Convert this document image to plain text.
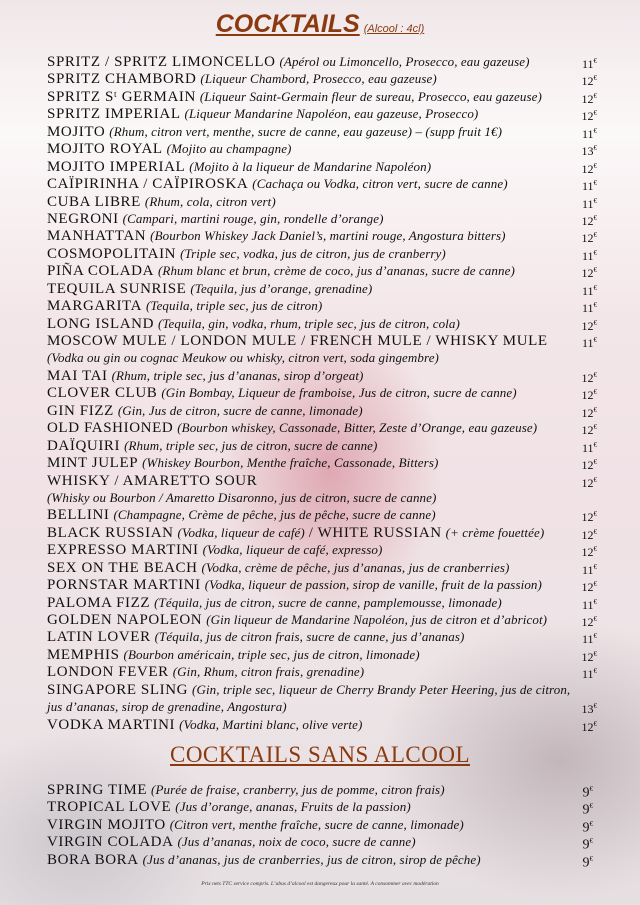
COCKTAILS (Alcool : 4cl)
SPRITZ / SPRITZ LIMONCELLO (Apérol ou Limoncello, Prosecco, eau gazeuse)	11€
SPRITZ CHAMBORD (Liqueur Chambord, Prosecco, eau gazeuse)	12€
SPRITZ Sᵗ GERMAIN (Liqueur Saint-Germain fleur de sureau, Prosecco, eau gazeuse)	12€
SPRITZ IMPERIAL (Liqueur Mandarine Napoléon, eau gazeuse, Prosecco)	12€
MOJITO (Rhum, citron vert, menthe, sucre de canne, eau gazeuse) – (supp fruit 1€)	11€
MOJITO ROYAL (Mojito au champagne)	13€
MOJITO IMPERIAL (Mojito à la liqueur de Mandarine Napoléon)	12€
CAÏPIRINHA / CAÏPIROSKA (Cachaça ou Vodka, citron vert, sucre de canne)	11€
CUBA LIBRE (Rhum, cola, citron vert)	11€
NEGRONI (Campari, martini rouge, gin, rondelle d’orange)	12€
MANHATTAN (Bourbon Whiskey Jack Daniel’s, martini rouge, Angostura bitters)	12€
COSMOPOLITAIN (Triple sec, vodka, jus de citron, jus de cranberry)	11€
PIÑA COLADA (Rhum blanc et brun, crème de coco, jus d’ananas, sucre de canne)	12€
TEQUILA SUNRISE (Tequila, jus d’orange, grenadine)	11€
MARGARITA (Tequila, triple sec, jus de citron)	11€
LONG ISLAND (Tequila, gin, vodka, rhum, triple sec, jus de citron, cola)	12€
MOSCOW MULE / LONDON MULE / FRENCH MULE / WHISKY MULE	11€
(Vodka ou gin ou cognac Meukow ou whisky, citron vert, soda gingembre)
MAI TAI (Rhum, triple sec, jus d’ananas, sirop d’orgeat)	12€
CLOVER CLUB (Gin Bombay, Liqueur de framboise, Jus de citron, sucre de canne)	12€
GIN FIZZ (Gin, Jus de citron, sucre de canne, limonade)	12€
OLD FASHIONED (Bourbon whiskey, Cassonade, Bitter, Zeste d’Orange, eau gazeuse)	12€
DAÏQUIRI (Rhum, triple sec, jus de citron, sucre de canne)	11€
MINT JULEP (Whiskey Bourbon, Menthe fraîche, Cassonade, Bitters)	12€
WHISKY / AMARETTO SOUR	12€
(Whisky ou Bourbon / Amaretto Disaronno, jus de citron, sucre de canne)
BELLINI (Champagne, Crème de pêche, jus de pêche, sucre de canne)	12€
BLACK RUSSIAN (Vodka, liqueur de café) / WHITE RUSSIAN (+ crème fouettée)	12€
EXPRESSO MARTINI (Vodka, liqueur de café, expresso)	12€
SEX ON THE BEACH (Vodka, crème de pêche, jus d’ananas, jus de cranberries)	11€
PORNSTAR MARTINI (Vodka, liqueur de passion, sirop de vanille, fruit de la passion)	12€
PALOMA FIZZ (Téquila, jus de citron, sucre de canne, pamplemousse, limonade)	11€
GOLDEN NAPOLEON (Gin liqueur de Mandarine Napoléon, jus de citron et d’abricot)	12€
LATIN LOVER (Téquila, jus de citron frais, sucre de canne, jus d’ananas)	11€
MEMPHIS (Bourbon américain, triple sec, jus de citron, limonade)	12€
LONDON FEVER (Gin, Rhum, citron frais, grenadine)	11€
SINGAPORE SLING (Gin, triple sec, liqueur de Cherry Brandy Peter Heering, jus de citron,
jus d’ananas, sirop de grenadine, Angostura)	13€
VODKA MARTINI (Vodka, Martini blanc, olive verte)	12€
COCKTAILS SANS ALCOOL
SPRING TIME (Purée de fraise, cranberry, jus de pomme, citron frais)	9€
TROPICAL LOVE (Jus d’orange, ananas, Fruits de la passion)	9€
VIRGIN MOJITO (Citron vert, menthe fraîche, sucre de canne, limonade)	9€
VIRGIN COLADA (Jus d’ananas, noix de coco, sucre de canne)	9€
BORA BORA (Jus d’ananas, jus de cranberries, jus de citron, sirop de pêche)	9€
Prix nets TTC service compris. L’abus d’alcool est dangereux pour la santé. A consommer avec modération
